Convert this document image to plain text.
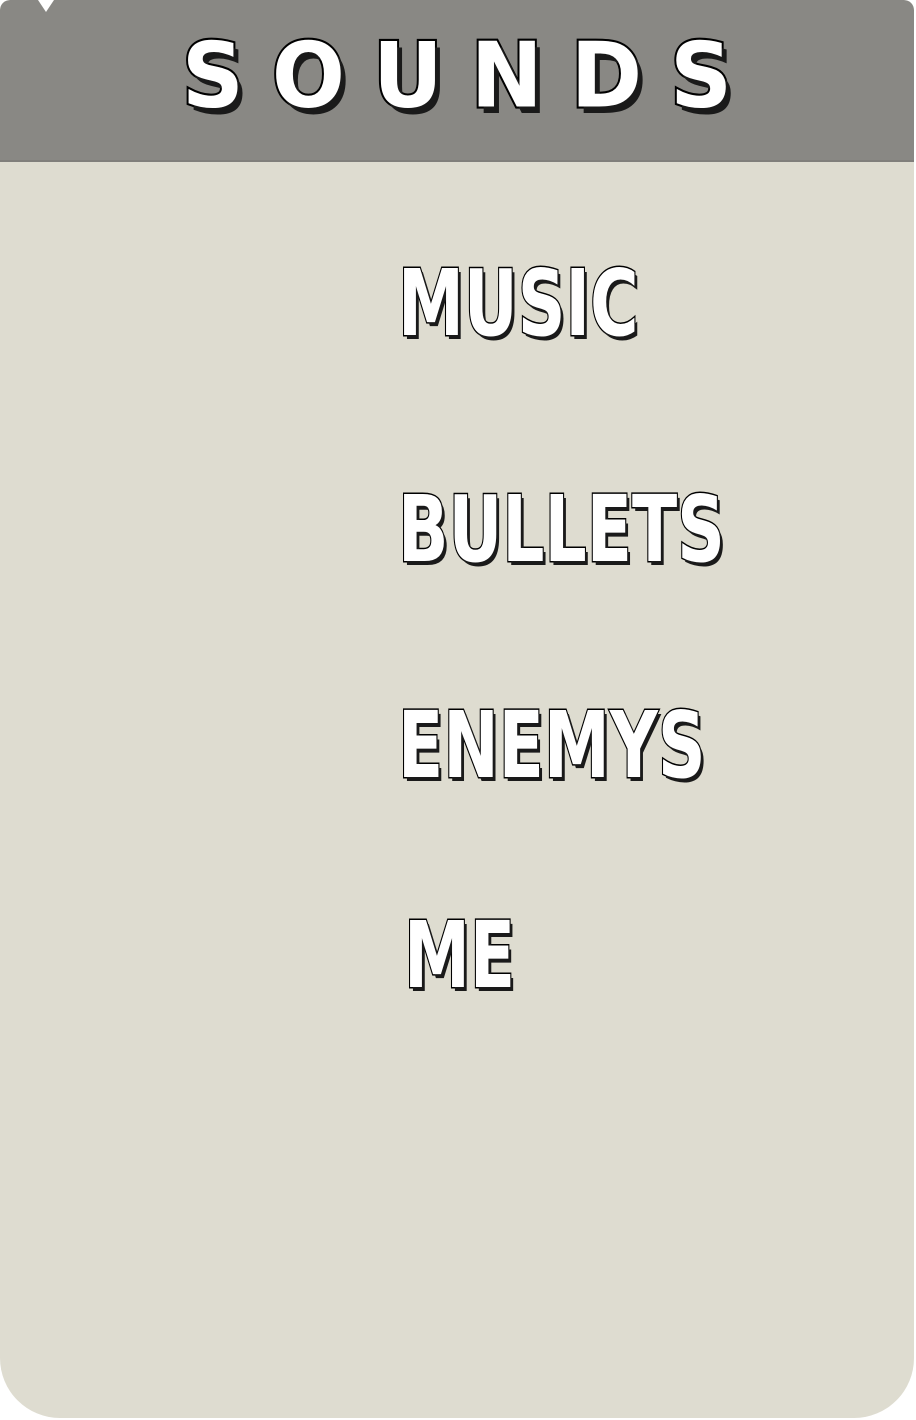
SOUNDS
MUSIC
BULLETS
ENEMYS
ME
